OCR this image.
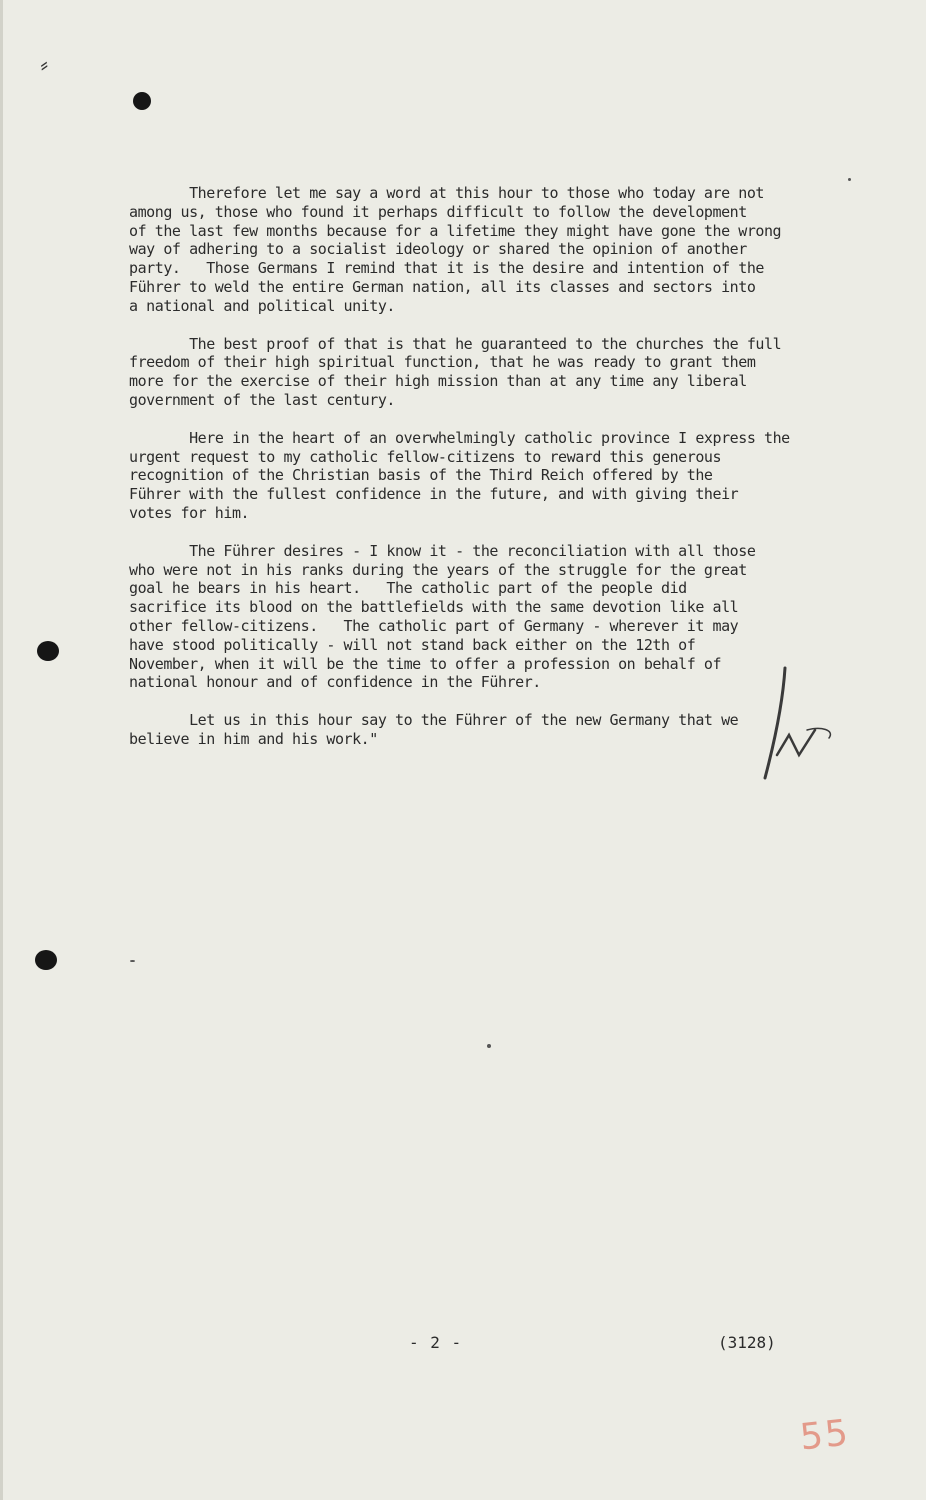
⸗

Therefore let me say a word at this hour to those who today are not
among us, those who found it perhaps difficult to follow the development
of the last few months because for a lifetime they might have gone the wrong
way of adhering to a socialist ideology or shared the opinion of another
party.   Those Germans I remind that it is the desire and intention of the
Führer to weld the entire German nation, all its classes and sectors into
a national and political unity.

The best proof of that is that he guaranteed to the churches the full
freedom of their high spiritual function, that he was ready to grant them
more for the exercise of their high mission than at any time any liberal
government of the last century.

Here in the heart of an overwhelmingly catholic province I express the
urgent request to my catholic fellow-citizens to reward this generous
recognition of the Christian basis of the Third Reich offered by the
Führer with the fullest confidence in the future, and with giving their
votes for him.

The Führer desires - I know it - the reconciliation with all those
who were not in his ranks during the years of the struggle for the great
goal he bears in his heart.   The catholic part of the people did
sacrifice its blood on the battlefields with the same devotion like all
other fellow-citizens.   The catholic part of Germany - wherever it may
have stood politically - will not stand back either on the 12th of
November, when it will be the time to offer a profession on behalf of
national honour and of confidence in the Führer.

Let us in this hour say to the Führer of the new Germany that we
believe in him and his work."

- 2 -	(3128)
55
